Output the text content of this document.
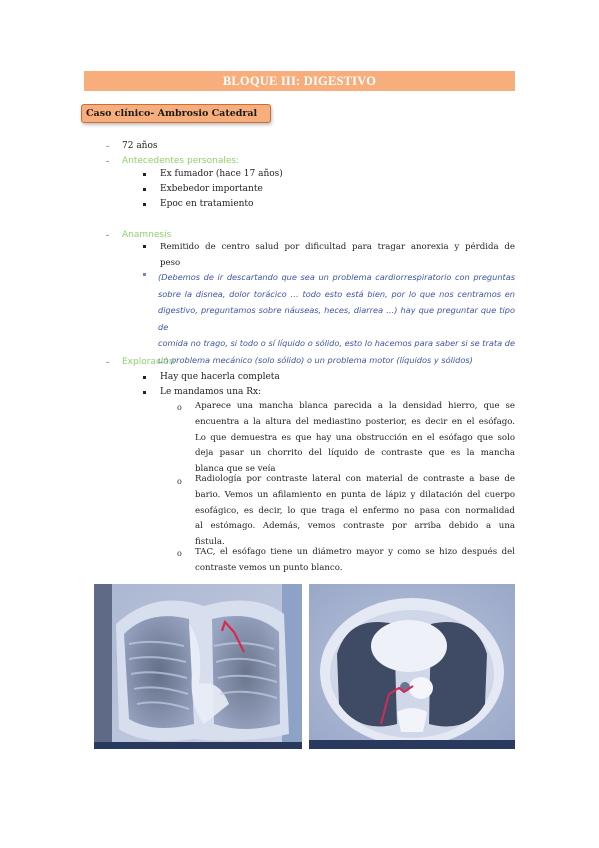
BLOQUE III: DIGESTIVO
Caso clínico- Ambrosio Catedral
- 72 años
- Antecedentes personales:
Ex fumador (hace 17 años)
Exbebedor importante
Epoc en tratamiento
- Anamnesis
Remitido de centro salud por dificultad para tragar anorexia y pérdida de
peso
(Debemos de ir descartando que sea un problema cardiorrespiratorio con preguntas
sobre la disnea, dolor torácico … todo esto está bien, por lo que nos centramos en
digestivo, preguntamos sobre náuseas, heces, diarrea …) hay que preguntar que tipo de
comida no trago, si todo o sí líquido o sólido, esto lo hacemos para saber si se trata de
un problema mecánico (solo sólido) o un problema motor (líquidos y sólidos)
- Exploración
Hay que hacerla completa
Le mandamos una Rx:
o Aparece una mancha blanca parecida a la densidad hierro, que se
encuentra a la altura del mediastino posterior, es decir en el esófago.
Lo que demuestra es que hay una obstrucción en el esófago que solo
deja pasar un chorrito del líquido de contraste que es la mancha
blanca que se veía
o Radiología por contraste lateral con material de contraste a base de
bario. Vemos un afilamiento en punta de lápiz y dilatación del cuerpo
esofágico, es decir, lo que traga el enfermo no pasa con normalidad
al estómago. Además, vemos contraste por arriba debido a una
fistula.
o TAC, el esófago tiene un diámetro mayor y como se hizo después del
contraste vemos un punto blanco.
